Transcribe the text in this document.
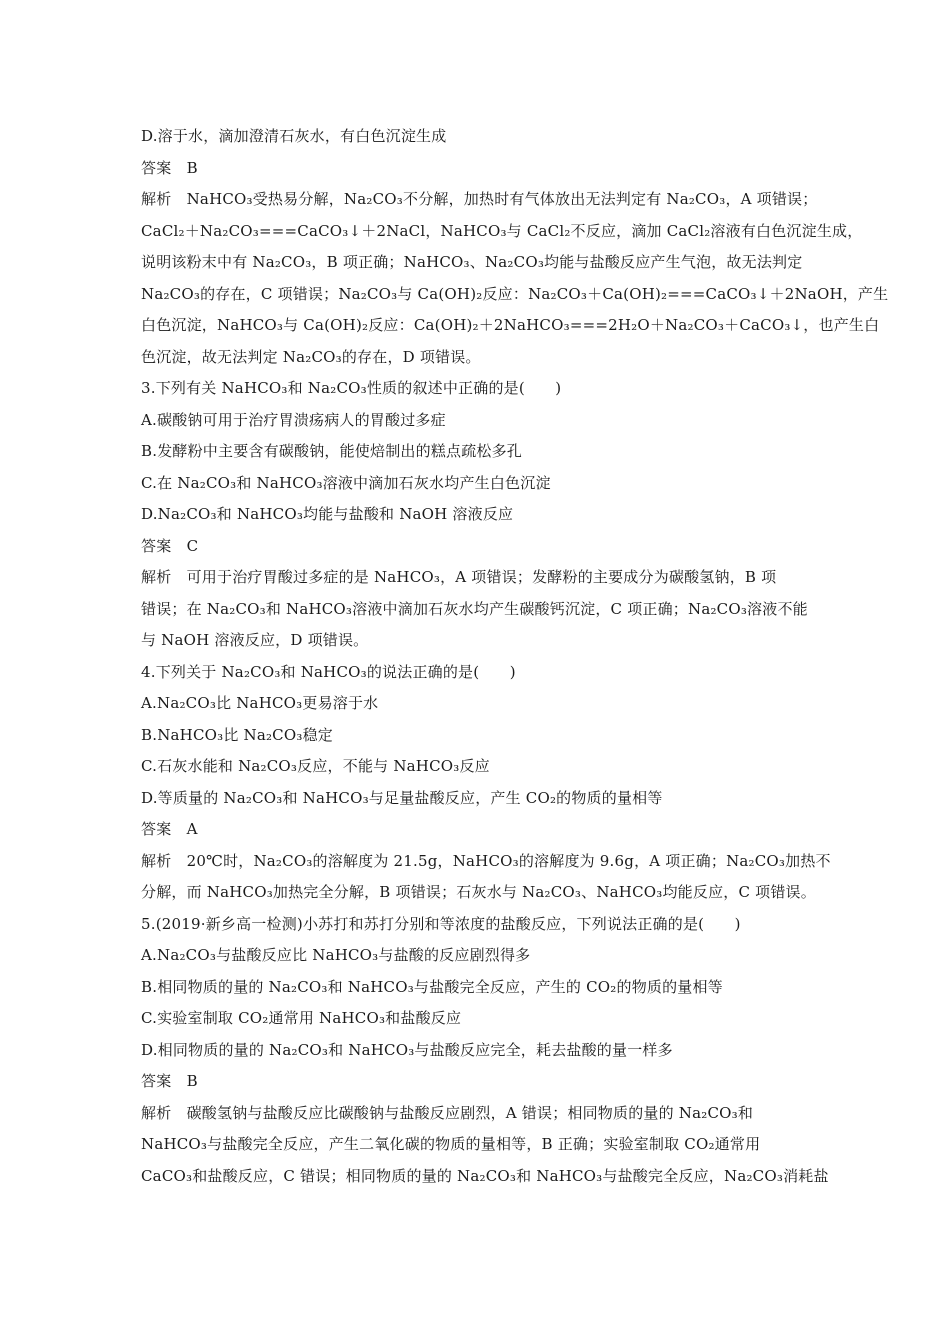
D.溶于水，滴加澄清石灰水，有白色沉淀生成
答案　B
解析　NaHCO₃受热易分解，Na₂CO₃不分解，加热时有气体放出无法判定有 Na₂CO₃，A 项错误；
CaCl₂＋Na₂CO₃===CaCO₃↓＋2NaCl，NaHCO₃与 CaCl₂不反应，滴加 CaCl₂溶液有白色沉淀生成，
说明该粉末中有 Na₂CO₃，B 项正确；NaHCO₃、Na₂CO₃均能与盐酸反应产生气泡，故无法判定
Na₂CO₃的存在，C 项错误；Na₂CO₃与 Ca(OH)₂反应：Na₂CO₃＋Ca(OH)₂===CaCO₃↓＋2NaOH，产生
白色沉淀，NaHCO₃与 Ca(OH)₂反应：Ca(OH)₂＋2NaHCO₃===2H₂O＋Na₂CO₃＋CaCO₃↓，也产生白
色沉淀，故无法判定 Na₂CO₃的存在，D 项错误。
3.下列有关 NaHCO₃和 Na₂CO₃性质的叙述中正确的是(　　)
A.碳酸钠可用于治疗胃溃疡病人的胃酸过多症
B.发酵粉中主要含有碳酸钠，能使焙制出的糕点疏松多孔
C.在 Na₂CO₃和 NaHCO₃溶液中滴加石灰水均产生白色沉淀
D.Na₂CO₃和 NaHCO₃均能与盐酸和 NaOH 溶液反应
答案　C
解析　可用于治疗胃酸过多症的是 NaHCO₃，A 项错误；发酵粉的主要成分为碳酸氢钠，B 项
错误；在 Na₂CO₃和 NaHCO₃溶液中滴加石灰水均产生碳酸钙沉淀，C 项正确；Na₂CO₃溶液不能
与 NaOH 溶液反应，D 项错误。
4.下列关于 Na₂CO₃和 NaHCO₃的说法正确的是(　　)
A.Na₂CO₃比 NaHCO₃更易溶于水
B.NaHCO₃比 Na₂CO₃稳定
C.石灰水能和 Na₂CO₃反应，不能与 NaHCO₃反应
D.等质量的 Na₂CO₃和 NaHCO₃与足量盐酸反应，产生 CO₂的物质的量相等
答案　A
解析　20℃时，Na₂CO₃的溶解度为 21.5g，NaHCO₃的溶解度为 9.6g，A 项正确；Na₂CO₃加热不
分解，而 NaHCO₃加热完全分解，B 项错误；石灰水与 Na₂CO₃、NaHCO₃均能反应，C 项错误。
5.(2019·新乡高一检测)小苏打和苏打分别和等浓度的盐酸反应，下列说法正确的是(　　)
A.Na₂CO₃与盐酸反应比 NaHCO₃与盐酸的反应剧烈得多
B.相同物质的量的 Na₂CO₃和 NaHCO₃与盐酸完全反应，产生的 CO₂的物质的量相等
C.实验室制取 CO₂通常用 NaHCO₃和盐酸反应
D.相同物质的量的 Na₂CO₃和 NaHCO₃与盐酸反应完全，耗去盐酸的量一样多
答案　B
解析　碳酸氢钠与盐酸反应比碳酸钠与盐酸反应剧烈，A 错误；相同物质的量的 Na₂CO₃和
NaHCO₃与盐酸完全反应，产生二氧化碳的物质的量相等，B 正确；实验室制取 CO₂通常用
CaCO₃和盐酸反应，C 错误；相同物质的量的 Na₂CO₃和 NaHCO₃与盐酸完全反应，Na₂CO₃消耗盐
